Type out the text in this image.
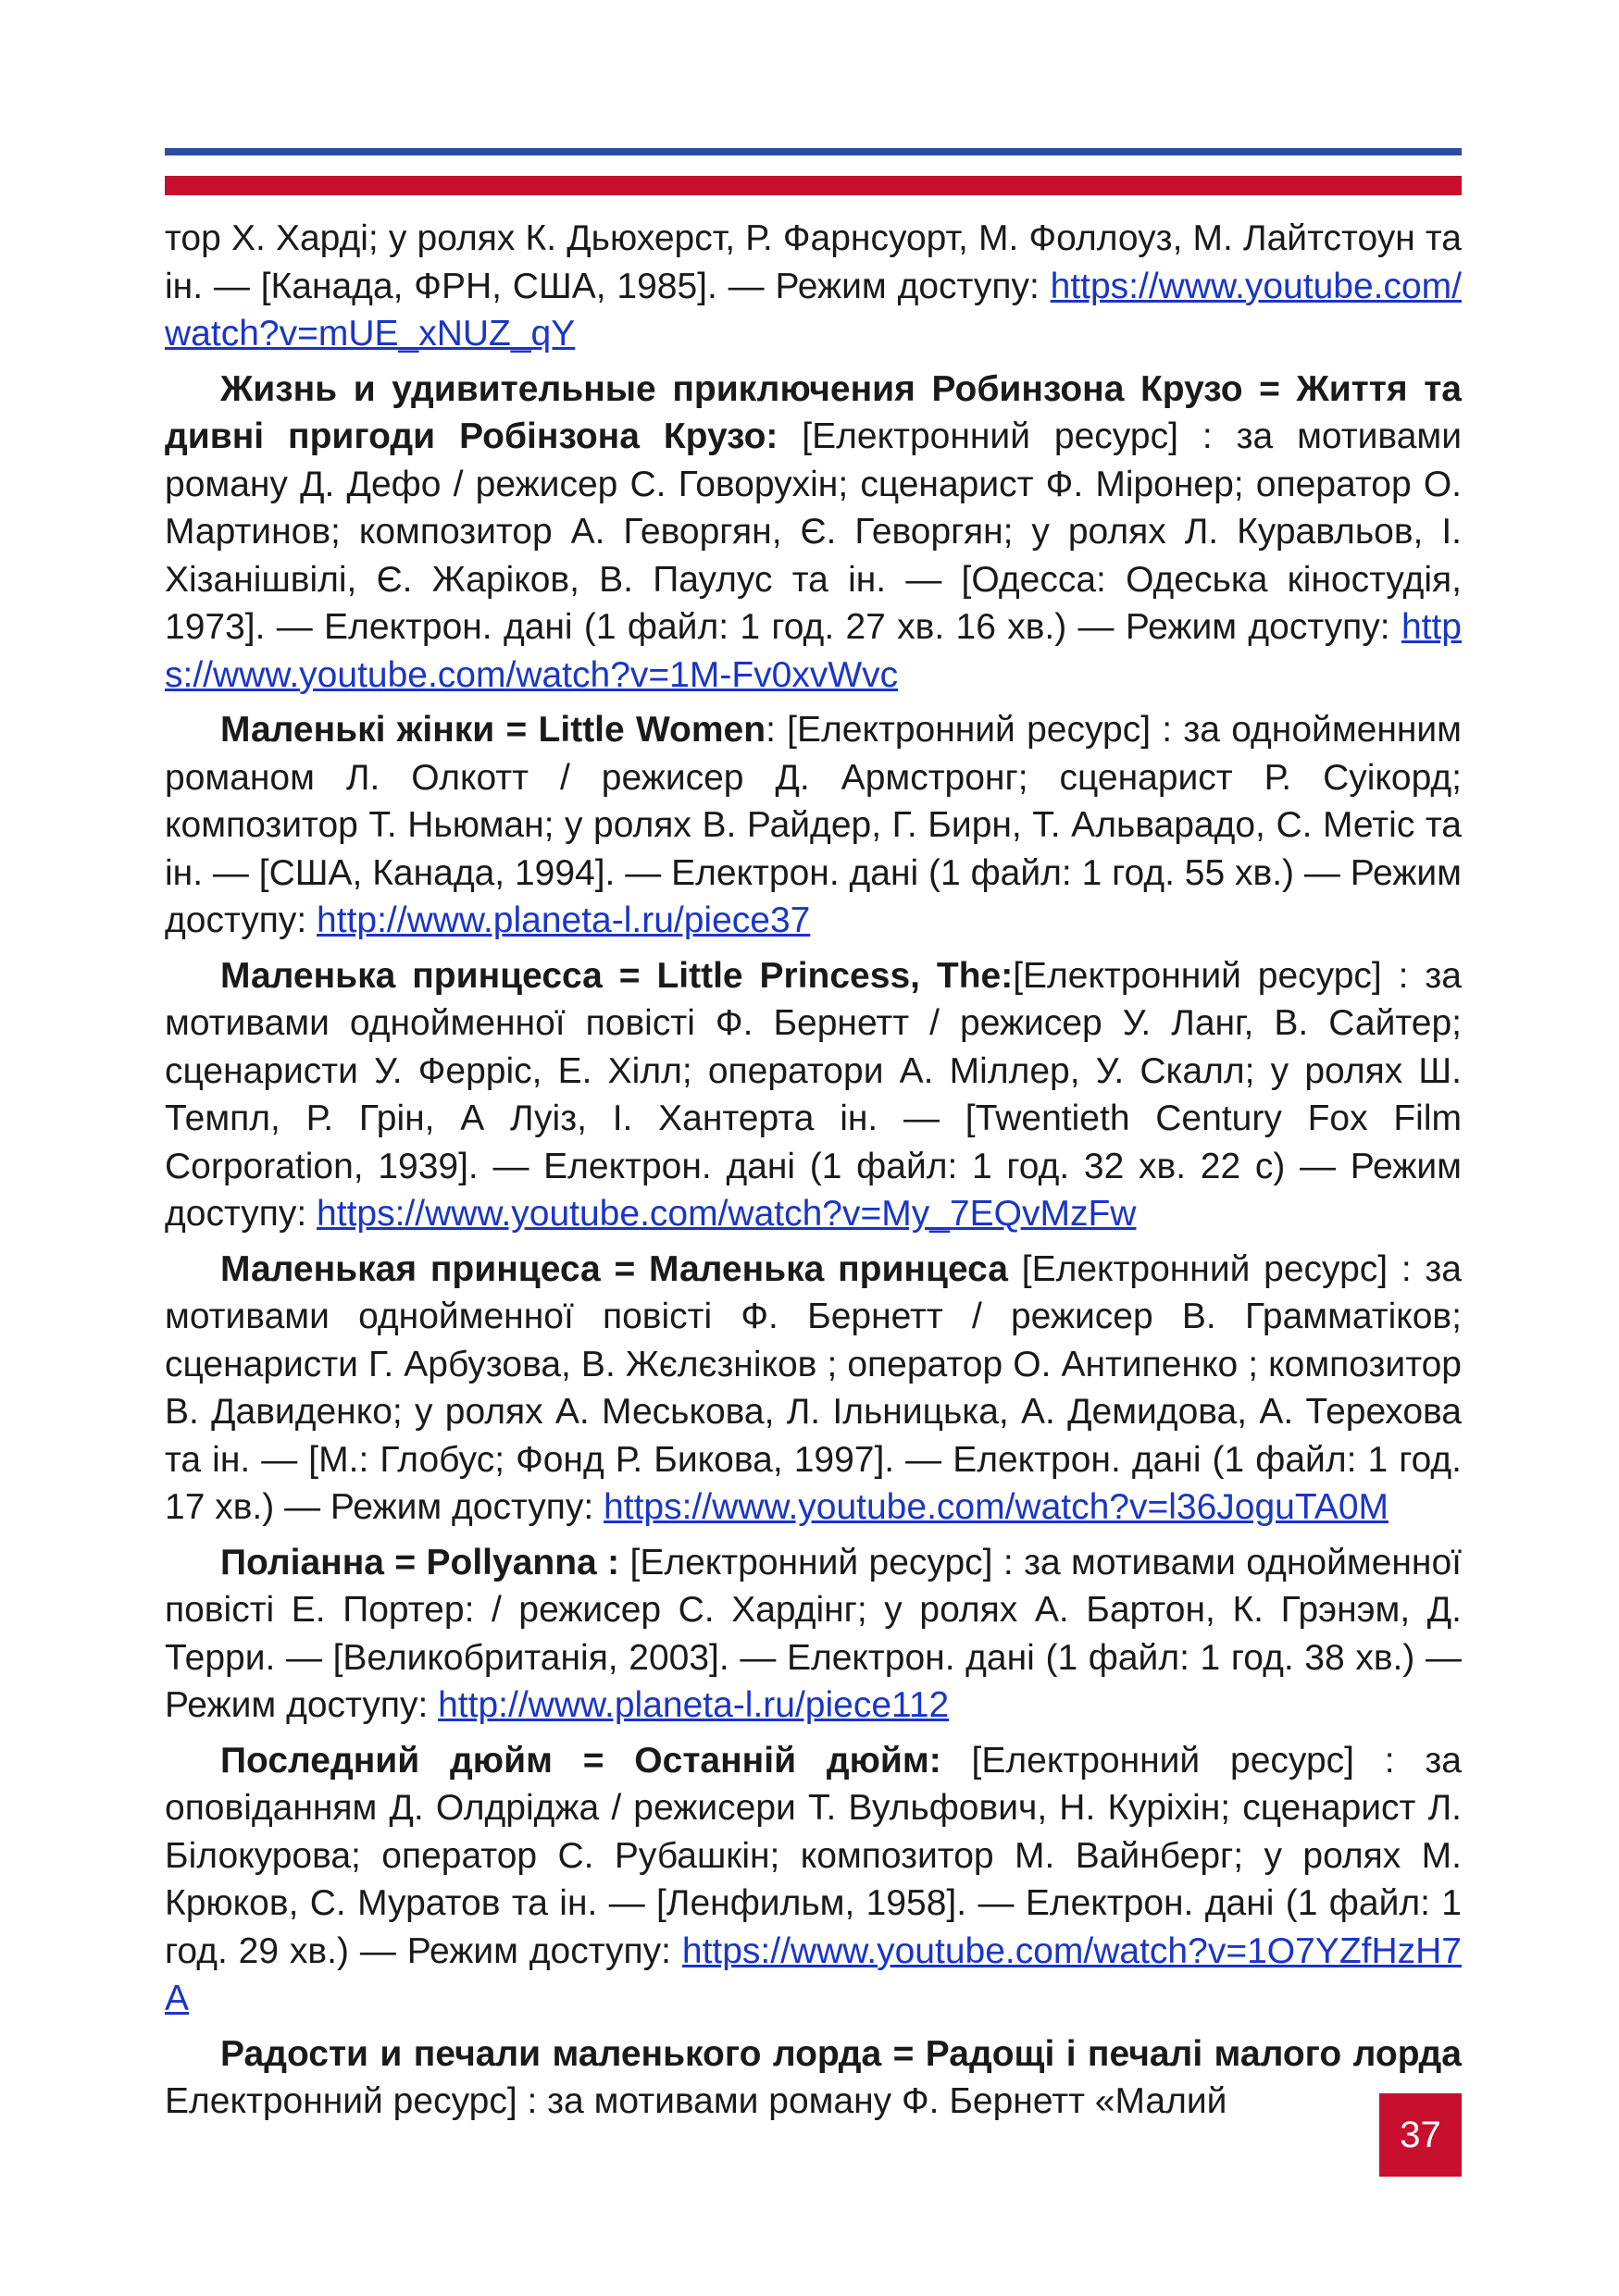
тор Х. Харді; у ролях К. Дьюхерст, Р. Фарнсуорт, М. Фоллоуз, М. Лайтстоун та ін. — [Канада, ФРН, США, 1985]. — Режим доступу: https://www.youtube.com/watch?v=mUE_xNUZ_qY

Жизнь и удивительные приключения Робинзона Крузо = Життя та дивні пригоди Робінзона Крузо: [Електронний ресурс] : за мотивами роману Д. Дефо / режисер С. Говорухін; сценарист Ф. Міронер; оператор О. Мартинов; композитор А. Геворгян, Є. Геворгян; у ролях Л. Куравльов, І. Хізанішвілі, Є. Жаріков, В. Паулус та ін. — [Одесса: Одеська кіностудія, 1973]. — Електрон. дані (1 файл: 1 год. 27 хв. 16 хв.) — Режим доступу: https://www.youtube.com/watch?v=1M-Fv0xvWvc

Маленькі жінки = Little Women: [Електронний ресурс] : за однойменним романом Л. Олкотт / режисер Д. Армстронг; сценарист Р. Суікорд; композитор Т. Ньюман; у ролях В. Райдер, Г. Бирн, Т. Альварадо, С. Метіс та ін. — [США, Канада, 1994]. — Електрон. дані (1 файл: 1 год. 55 хв.) — Режим доступу: http://www.planeta-l.ru/piece37

Маленька принцесса = Little Princess, The:[Електронний ресурс] : за мотивами однойменної повісті Ф. Бернетт / режисер У. Ланг, В. Сайтер; сценаристи У. Ферріс, Е. Хілл; оператори А. Міллер, У. Скалл; у ролях Ш. Темпл, Р. Грін, А Луіз, І. Хантерта ін. — [Twentieth Century Fox Film Corporation, 1939]. — Електрон. дані (1 файл: 1 год. 32 хв. 22 с) — Режим доступу: https://www.youtube.com/watch?v=My_7EQvMzFw

Маленькая принцеса = Маленька принцеса [Електронний ресурс] : за мотивами однойменної повісті Ф. Бернетт / режисер В. Грамматіков; сценаристи Г. Арбузова, В. Жєлєзніков ; оператор О. Антипенко ; композитор В. Давиденко; у ролях А. Меськова, Л. Ільницька, А. Демидова, А. Терехова та ін. — [М.: Глобус; Фонд Р. Бикова, 1997]. — Електрон. дані (1 файл: 1 год. 17 хв.) — Режим доступу: https://www.youtube.com/watch?v=l36JoguTA0M

Поліанна = Pollyanna : [Електронний ресурс] : за мотивами однойменної повісті Е. Портер: / режисер С. Хардінг; у ролях А. Бартон, К. Грэнэм, Д. Терри. — [Великобританія, 2003]. — Електрон. дані (1 файл: 1 год. 38 хв.) — Режим доступу: http://www.planeta-l.ru/piece112

Последний дюйм = Останній дюйм: [Електронний ресурс] : за оповіданням Д. Олдріджа / режисери Т. Вульфович, Н. Куріхін; сценарист Л. Білокурова; оператор С. Рубашкін; композитор М. Вайнберг; у ролях М. Крюков, С. Муратов та ін. — [Ленфильм, 1958]. — Електрон. дані (1 файл: 1 год. 29 хв.) — Режим доступу: https://www.youtube.com/watch?v=1O7YZfHzH7A

Радости и печали маленького лорда = Радощі і печалі малого лорда Електронний ресурс] : за мотивами роману Ф. Бернетт «Малий

37
